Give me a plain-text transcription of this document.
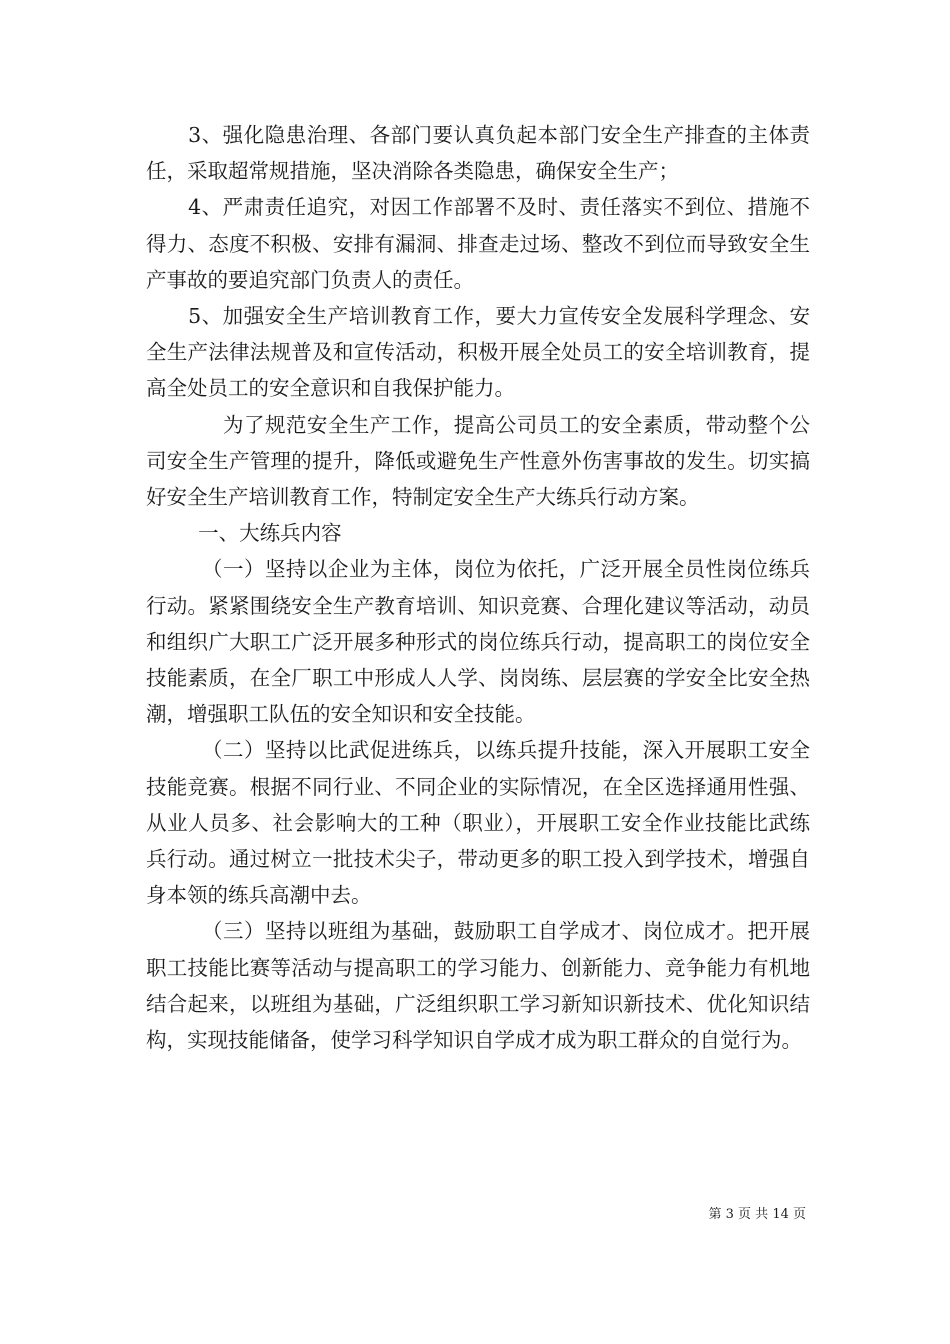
3、强化隐患治理、各部门要认真负起本部门安全生产排查的主体责任，采取超常规措施，坚决消除各类隐患，确保安全生产；

4、严肃责任追究，对因工作部署不及时、责任落实不到位、措施不得力、态度不积极、安排有漏洞、排查走过场、整改不到位而导致安全生产事故的要追究部门负责人的责任。

5、加强安全生产培训教育工作，要大力宣传安全发展科学理念、安全生产法律法规普及和宣传活动，积极开展全处员工的安全培训教育，提高全处员工的安全意识和自我保护能力。

为了规范安全生产工作，提高公司员工的安全素质，带动整个公司安全生产管理的提升，降低或避免生产性意外伤害事故的发生。切实搞好安全生产培训教育工作，特制定安全生产大练兵行动方案。

一、大练兵内容

（一）坚持以企业为主体，岗位为依托，广泛开展全员性岗位练兵行动。紧紧围绕安全生产教育培训、知识竞赛、合理化建议等活动，动员和组织广大职工广泛开展多种形式的岗位练兵行动，提高职工的岗位安全技能素质，在全厂职工中形成人人学、岗岗练、层层赛的学安全比安全热潮，增强职工队伍的安全知识和安全技能。

（二）坚持以比武促进练兵，以练兵提升技能，深入开展职工安全技能竞赛。根据不同行业、不同企业的实际情况，在全区选择通用性强、从业人员多、社会影响大的工种（职业），开展职工安全作业技能比武练兵行动。通过树立一批技术尖子，带动更多的职工投入到学技术，增强自身本领的练兵高潮中去。

（三）坚持以班组为基础，鼓励职工自学成才、岗位成才。把开展职工技能比赛等活动与提高职工的学习能力、创新能力、竞争能力有机地结合起来，以班组为基础，广泛组织职工学习新知识新技术、优化知识结构，实现技能储备，使学习科学知识自学成才成为职工群众的自觉行为。

第 3 页 共 14 页
